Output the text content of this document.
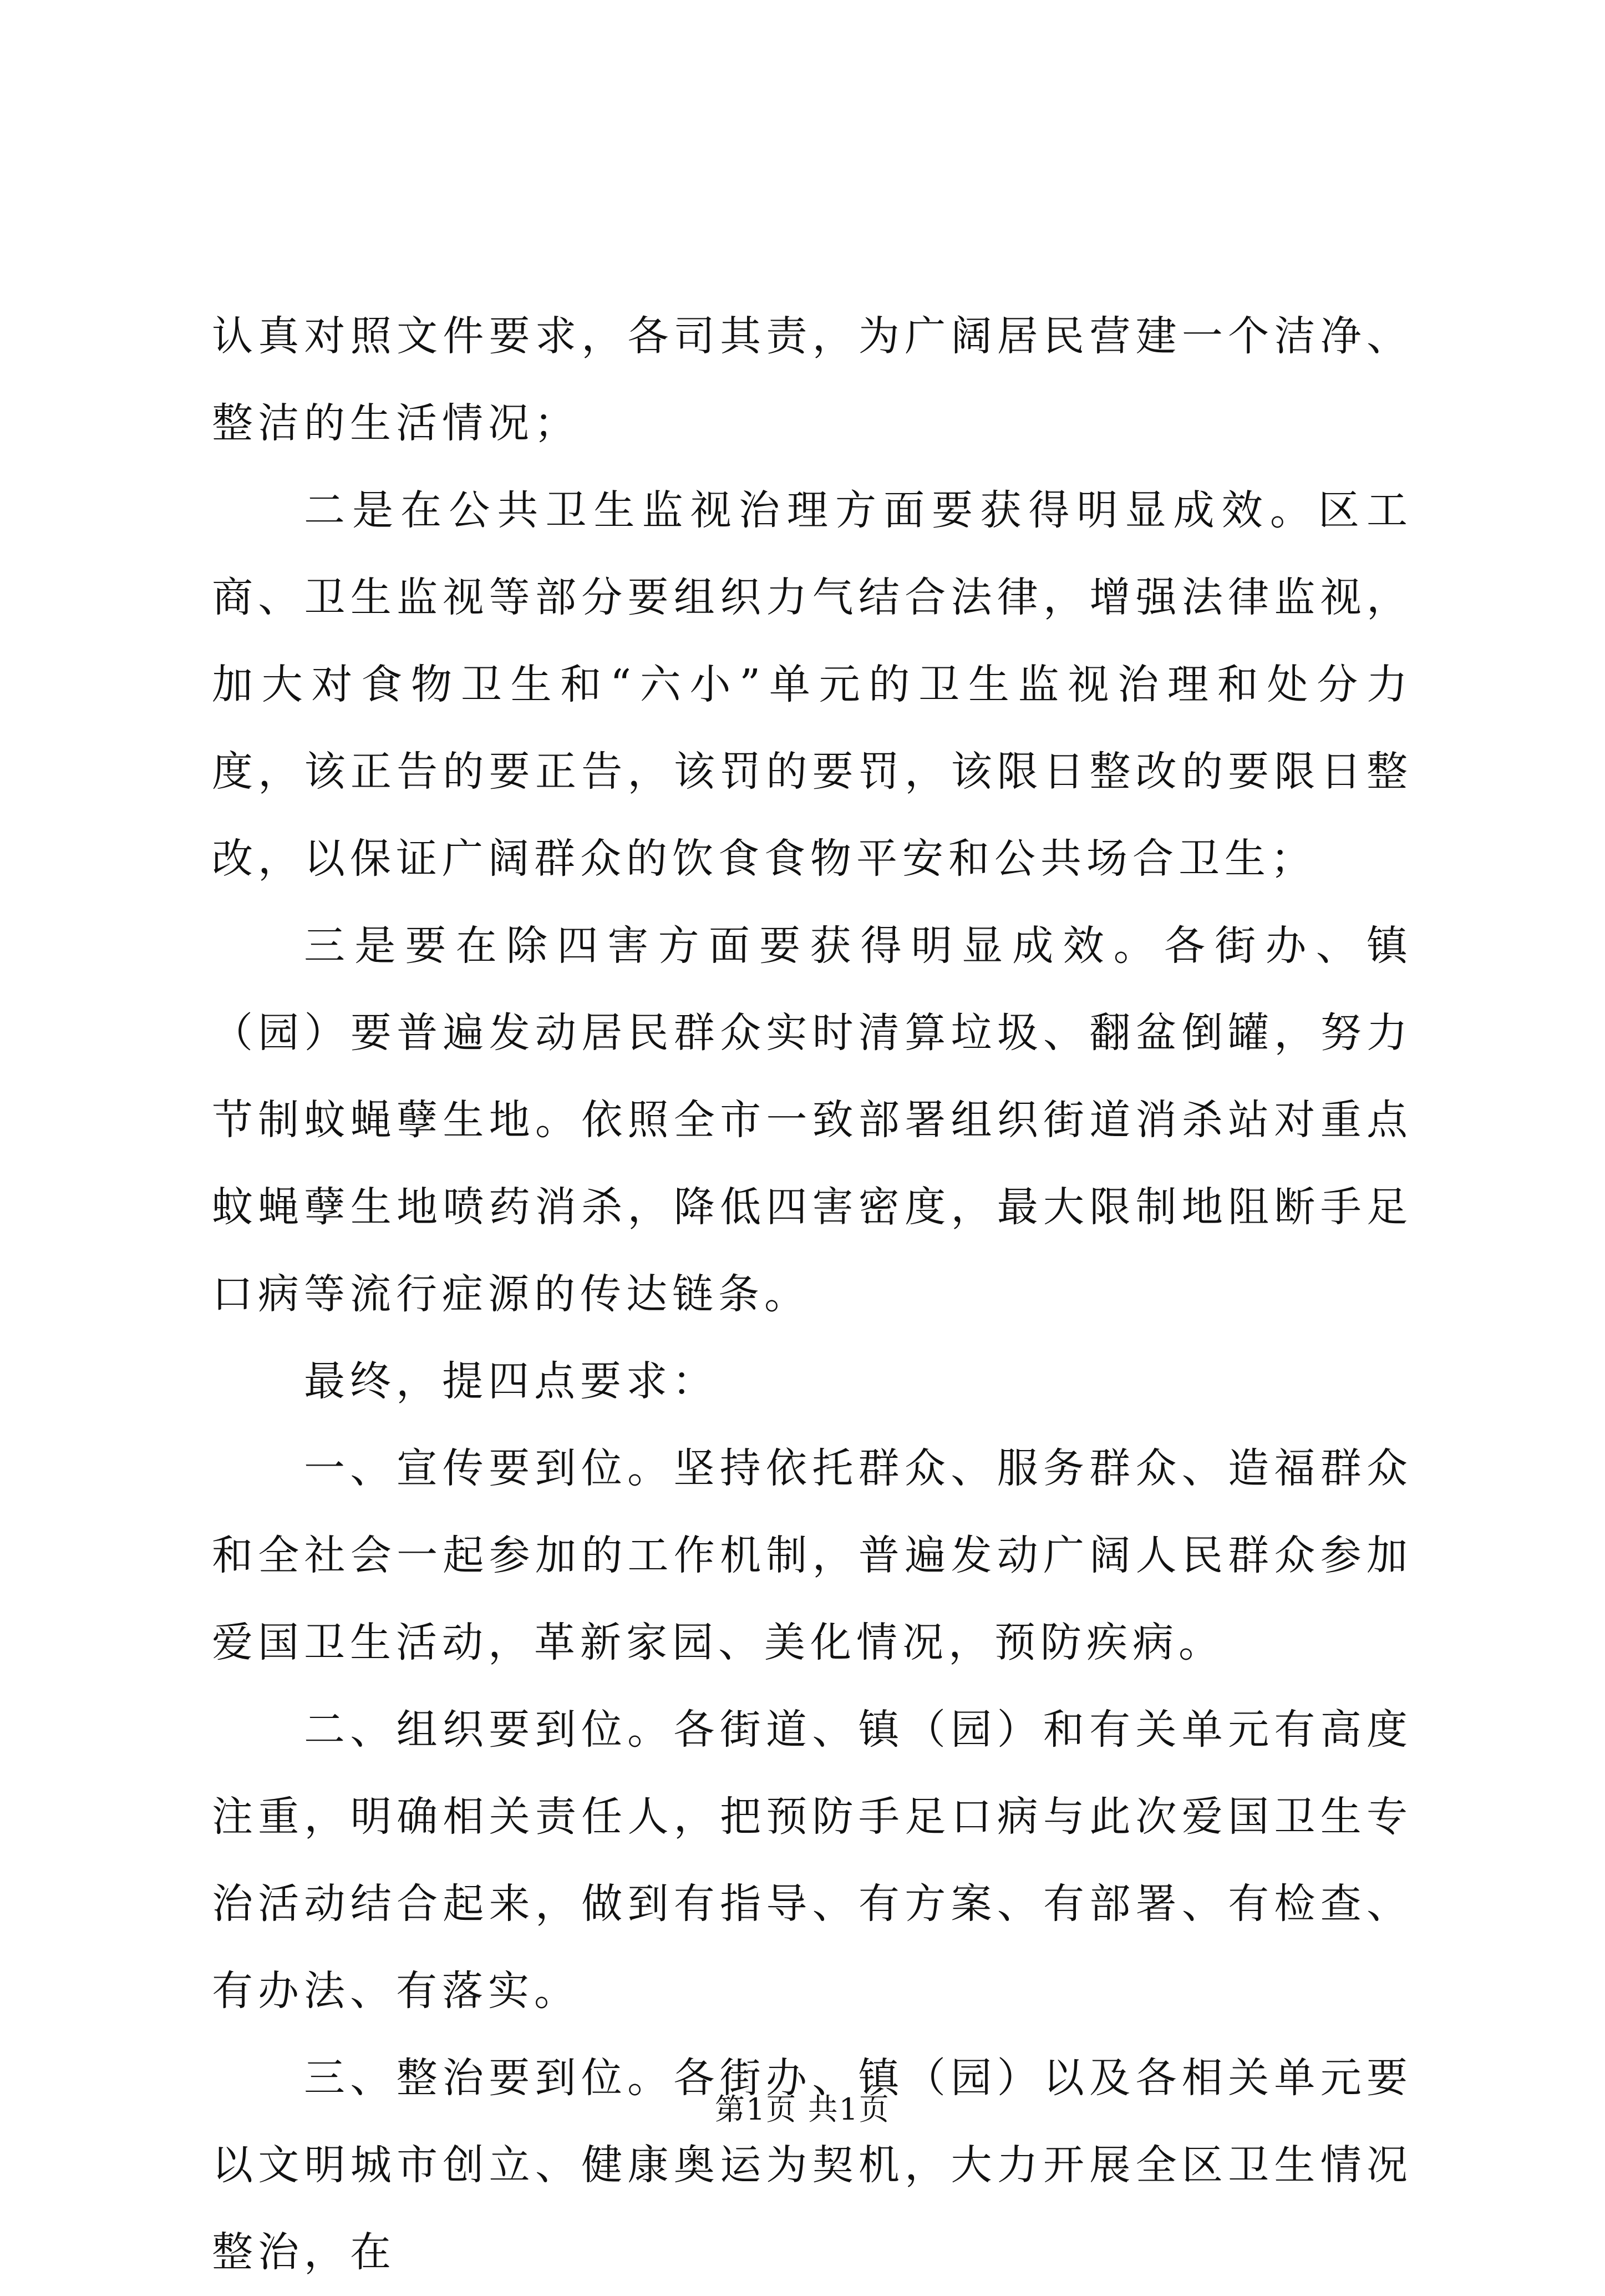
认真对照文件要求，各司其责，为广阔居民营建一个洁净、整洁的生活情况；

二是在公共卫生监视治理方面要获得明显成效。区工商、卫生监视等部分要组织力气结合法律，增强法律监视，加大对食物卫生和“六小”单元的卫生监视治理和处分力度，该正告的要正告，该罚的要罚，该限日整改的要限日整改，以保证广阔群众的饮食食物平安和公共场合卫生；

三是要在除四害方面要获得明显成效。各街办、镇（园）要普遍发动居民群众实时清算垃圾、翻盆倒罐，努力节制蚊蝇孽生地。依照全市一致部署组织街道消杀站对重点蚊蝇孽生地喷药消杀，降低四害密度，最大限制地阻断手足口病等流行症源的传达链条。

最终，提四点要求：

一、宣传要到位。坚持依托群众、服务群众、造福群众和全社会一起参加的工作机制，普遍发动广阔人民群众参加爱国卫生活动，革新家园、美化情况，预防疾病。

二、组织要到位。各街道、镇（园）和有关单元有高度注重，明确相关责任人，把预防手足口病与此次爱国卫生专治活动结合起来，做到有指导、有方案、有部署、有检查、有办法、有落实。

三、整治要到位。各街办、镇（园）以及各相关单元要以文明城市创立、健康奥运为契机，大力开展全区卫生情况整治，在

第1页 共1页
